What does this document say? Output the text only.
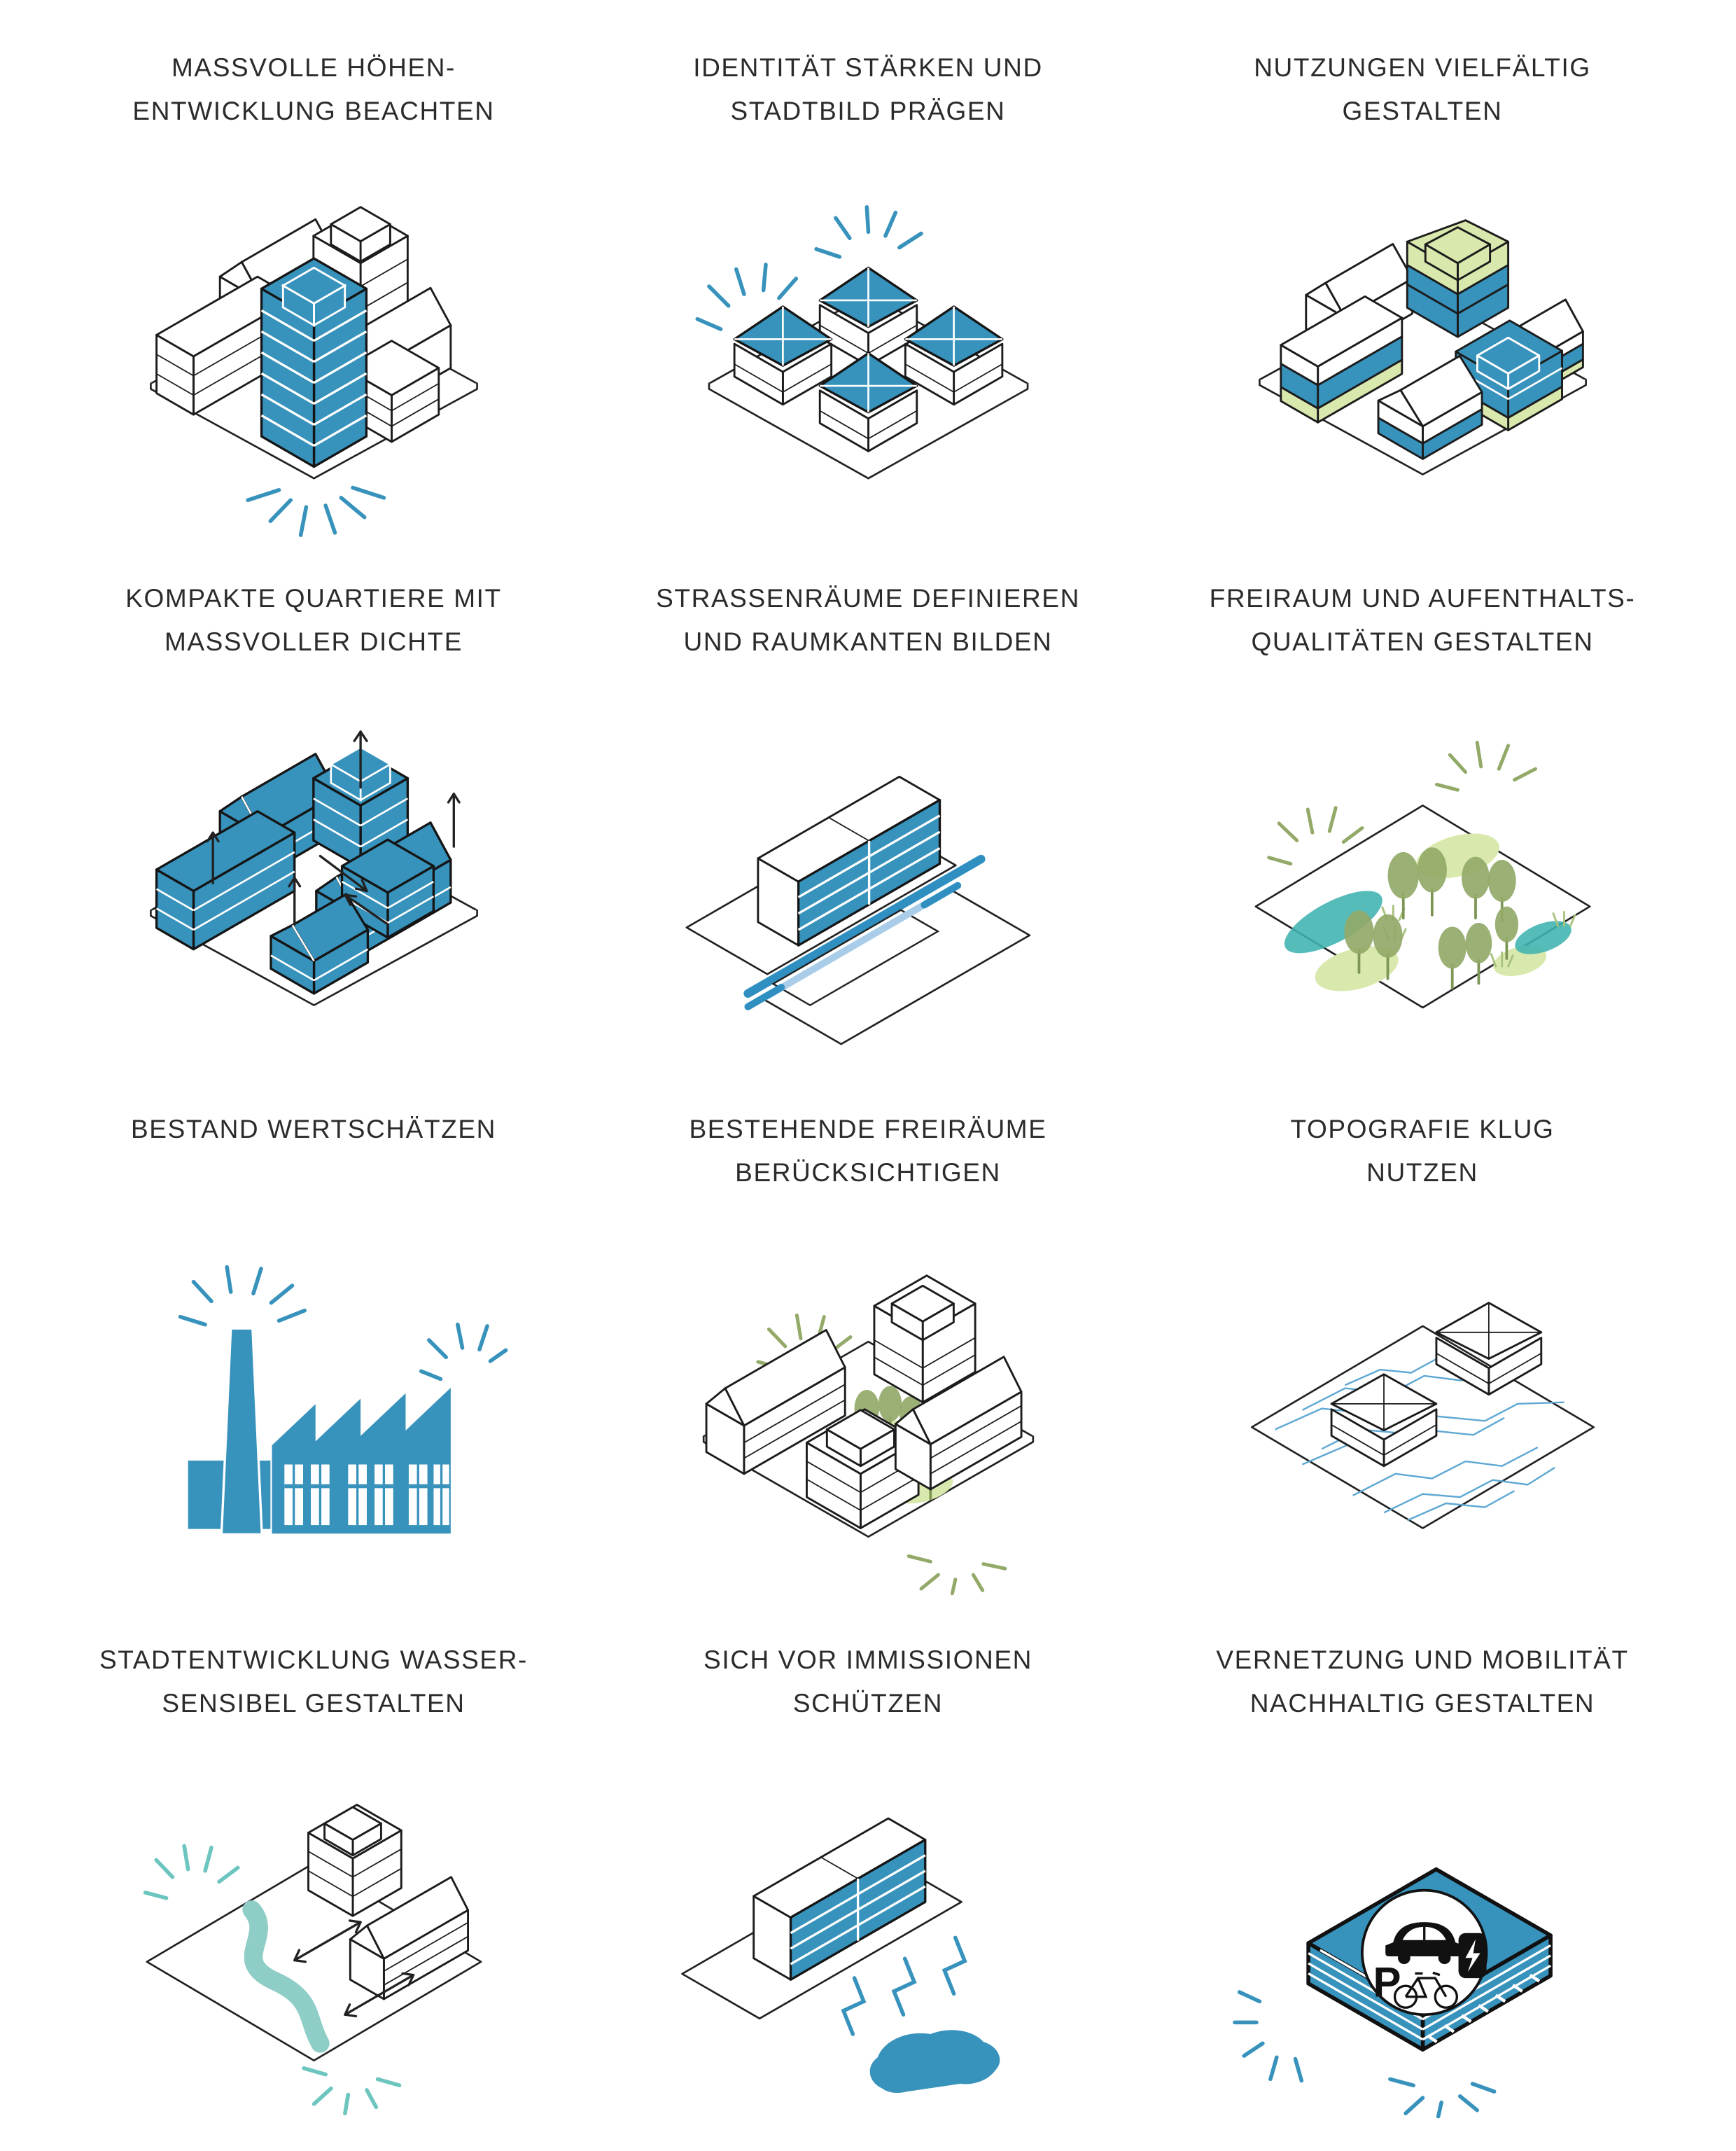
MASSVOLLE HÖHEN-
ENTWICKLUNG BEACHTEN
IDENTITÄT STÄRKEN UND
STADTBILD PRÄGEN
NUTZUNGEN VIELFÄLTIG
GESTALTEN
KOMPAKTE QUARTIERE MIT
MASSVOLLER DICHTE
STRASSENRÄUME DEFINIEREN
UND RAUMKANTEN BILDEN
FREIRAUM UND AUFENTHALTS-
QUALITÄTEN GESTALTEN
BESTAND WERTSCHÄTZEN	BESTEHENDE FREIRÄUME
BERÜCKSICHTIGEN
TOPOGRAFIE KLUG
NUTZEN
STADTENTWICKLUNG WASSER-
SENSIBEL GESTALTEN
SICH VOR IMMISSIONEN
SCHÜTZEN
VERNETZUNG UND MOBILITÄT
NACHHALTIG GESTALTEN
P
